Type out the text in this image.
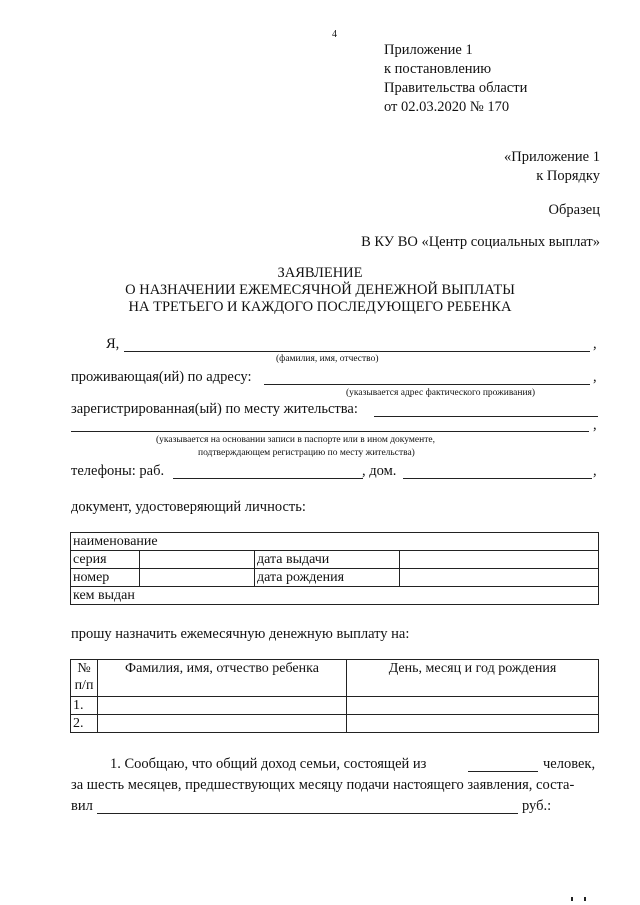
4
Приложение 1
к постановлению
Правительства области
от 02.03.2020 № 170
«Приложение 1
к Порядку
Образец
В КУ ВО «Центр социальных выплат»
ЗАЯВЛЕНИЕ
О НАЗНАЧЕНИИ ЕЖЕМЕСЯЧНОЙ ДЕНЕЖНОЙ ВЫПЛАТЫ
НА ТРЕТЬЕГО И КАЖДОГО ПОСЛЕДУЮЩЕГО РЕБЕНКА
Я,	,
(фамилия, имя, отчество)
проживающая(ий) по адресу:	,
(указывается адрес фактического проживания)
зарегистрированная(ый) по месту жительства:
,
(указывается на основании записи в паспорте или в ином документе,
подтверждающем регистрацию по месту жительства)
телефоны: раб.	, дом.	,
документ, удостоверяющий личность:
наименование			
серия		дата выдачи	
номер		дата рождения	
кем выдан			
прошу назначить ежемесячную денежную выплату на:
№
п/п	Фамилия, имя, отчество ребенка	День, месяц и год рождения
1.		
2.		
1. Сообщаю, что общий доход семьи, состоящей из	человек,
за шесть месяцев, предшествующих месяцу подачи настоящего заявления, соста-
вил	руб.:
